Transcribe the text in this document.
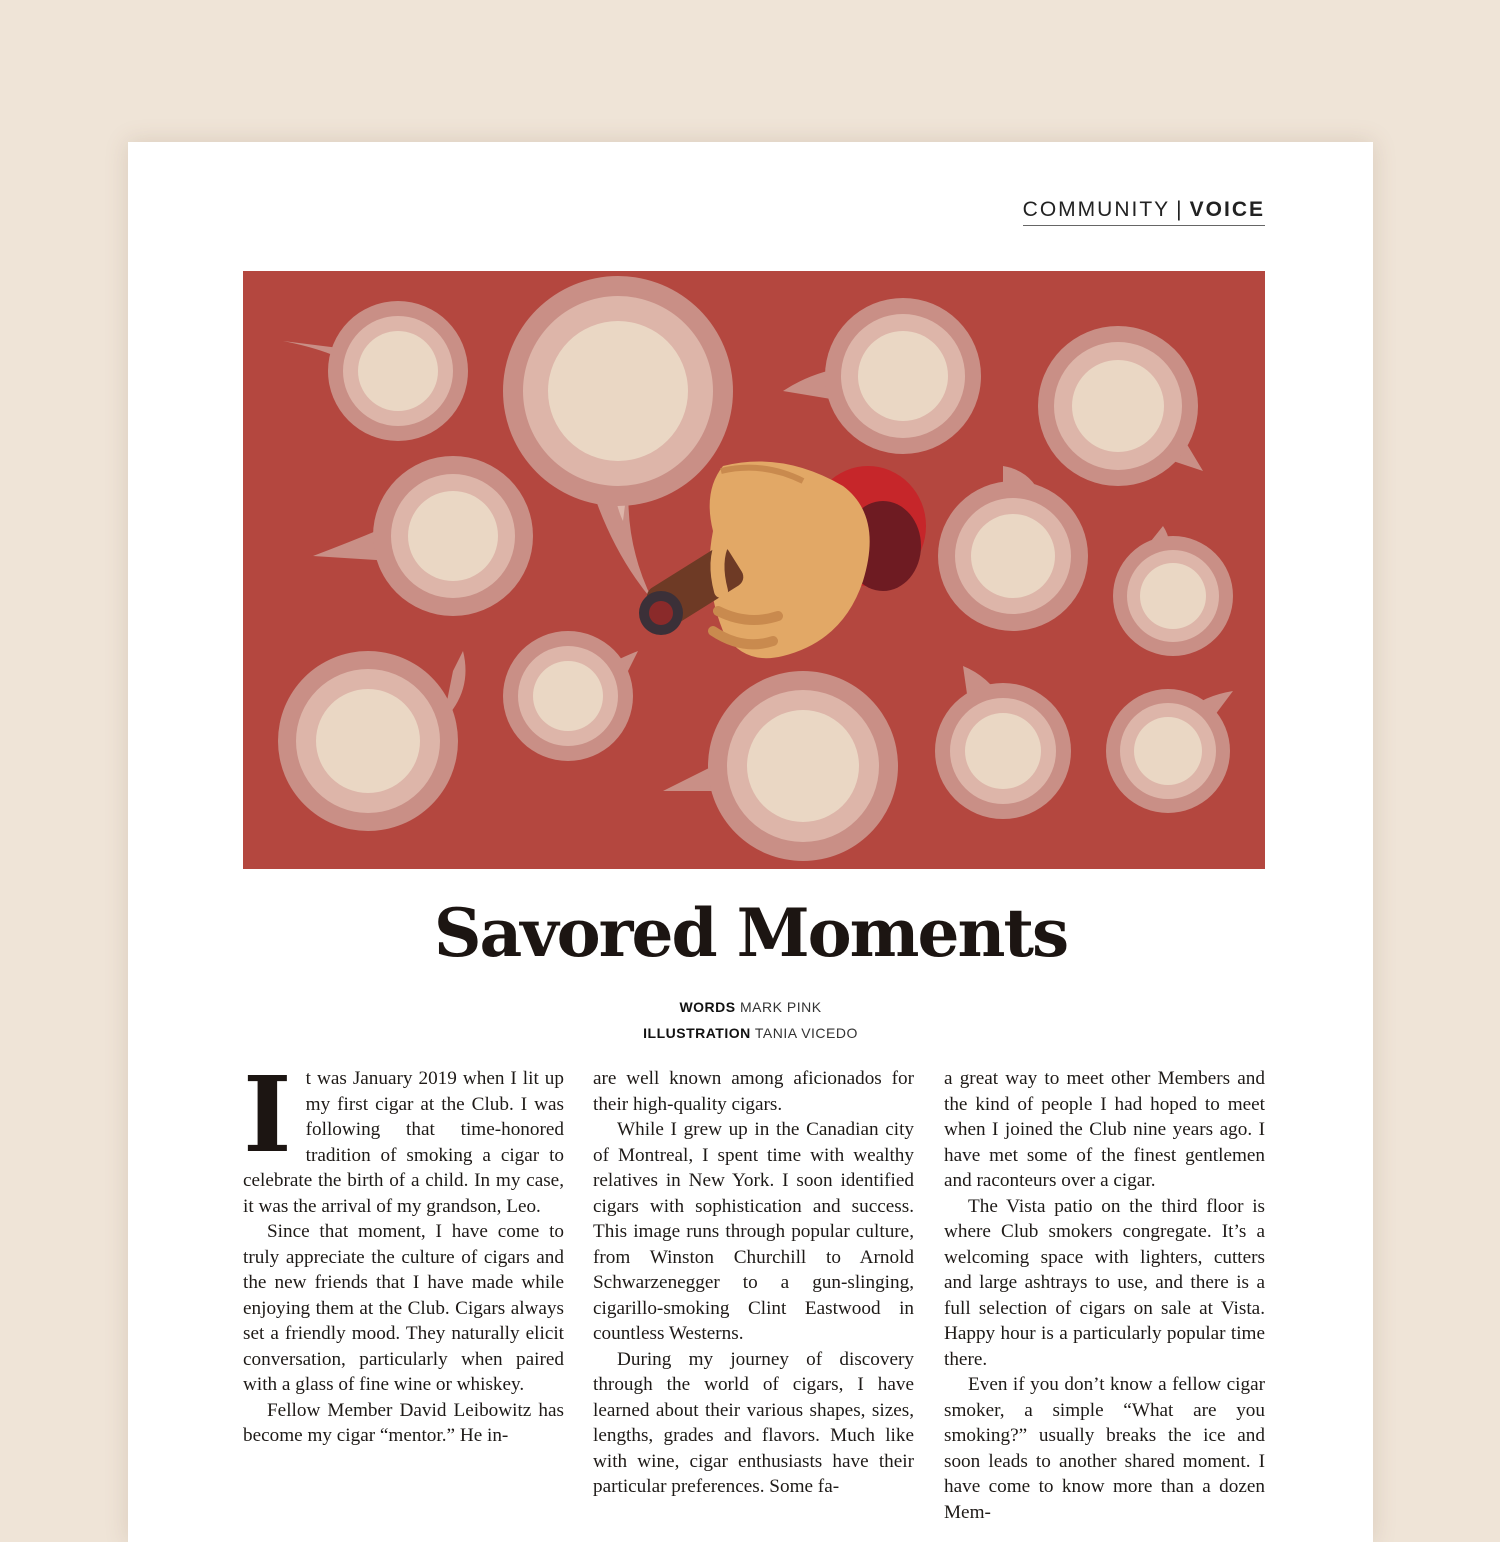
COMMUNITY | VOICE
Savored Moments
WORDS MARK PINK
ILLUSTRATION TANIA VICEDO

It was January 2019 when I lit up my first cigar at the Club. I was following that time-honored tradition of smoking a cigar to celebrate the birth of a child. In my case, it was the arrival of my grandson, Leo.

Since that moment, I have come to truly appreciate the culture of cigars and the new friends that I have made while enjoying them at the Club. Cigars always set a friendly mood. They naturally elicit conversation, particularly when paired with a glass of fine wine or whiskey.

Fellow Member David Leibowitz has become my cigar “mentor.” He in-

are well known among aficionados for their high-quality cigars.

While I grew up in the Canadian city of Montreal, I spent time with wealthy relatives in New York. I soon identified cigars with sophistication and success. This image runs through popular culture, from Winston Churchill to Arnold Schwarzenegger to a gun-slinging, cigarillo-smoking Clint Eastwood in countless Westerns.

During my journey of discovery through the world of cigars, I have learned about their various shapes, sizes, lengths, grades and flavors. Much like with wine, cigar enthusiasts have their particular preferences. Some fa-

a great way to meet other Members and the kind of people I had hoped to meet when I joined the Club nine years ago. I have met some of the finest gentlemen and raconteurs over a cigar.

The Vista patio on the third floor is where Club smokers congregate. It’s a welcoming space with lighters, cutters and large ashtrays to use, and there is a full selection of cigars on sale at Vista. Happy hour is a particularly popular time there.

Even if you don’t know a fellow cigar smoker, a simple “What are you smoking?” usually breaks the ice and soon leads to another shared moment. I have come to know more than a dozen Mem-
